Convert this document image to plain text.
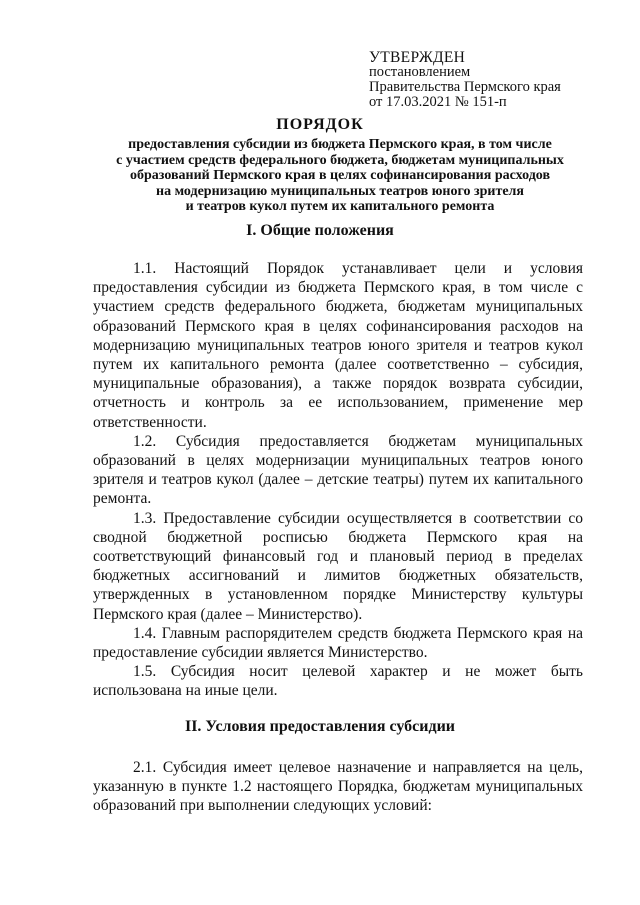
УТВЕРЖДЕН
постановлением
Правительства Пермского края
от 17.03.2021 № 151-п
ПОРЯДОК
предоставления субсидии из бюджета Пермского края, в том числе
с участием средств федерального бюджета, бюджетам муниципальных
образований Пермского края в целях софинансирования расходов
на модернизацию муниципальных театров юного зрителя
и театров кукол путем их капитального ремонта
I. Общие положения

1.1. Настоящий Порядок устанавливает цели и условия предоставления субсидии из бюджета Пермского края, в том числе с участием средств федерального бюджета, бюджетам муниципальных образований Пермского края в целях софинансирования расходов на модернизацию муниципальных театров юного зрителя и театров кукол путем их капитального ремонта (далее соответственно – субсидия, муниципальные образования), а также порядок возврата субсидии, отчетность и контроль за ее использованием, применение мер ответственности.

1.2. Субсидия предоставляется бюджетам муниципальных образований в целях модернизации муниципальных театров юного зрителя и театров кукол (далее – детские театры) путем их капитального ремонта.

1.3. Предоставление субсидии осуществляется в соответствии со сводной бюджетной росписью бюджета Пермского края на соответствующий финансовый год и плановый период в пределах бюджетных ассигнований и лимитов бюджетных обязательств, утвержденных в установленном порядке Министерству культуры Пермского края (далее – Министерство).

1.4. Главным распорядителем средств бюджета Пермского края на предоставление субсидии является Министерство.

1.5. Субсидия носит целевой характер и не может быть использована на иные цели.

II. Условия предоставления субсидии

2.1. Субсидия имеет целевое назначение и направляется на цель, указанную в пункте 1.2 настоящего Порядка, бюджетам муниципальных образований при выполнении следующих условий:
